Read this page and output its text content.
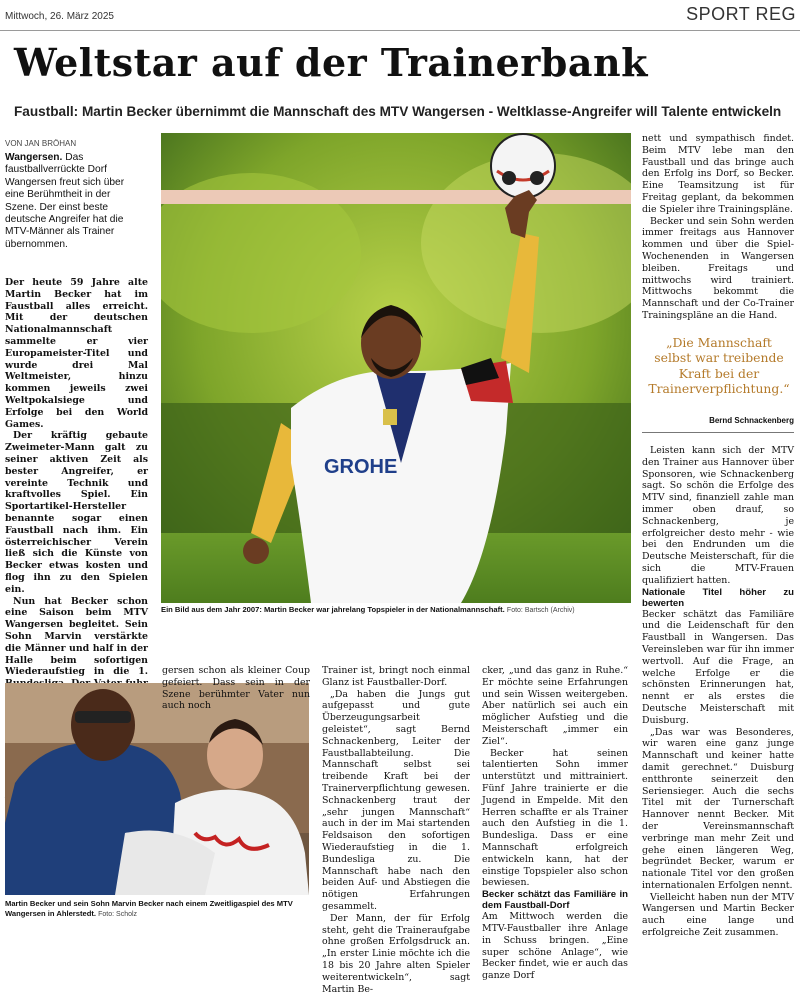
Mittwoch, 26. März 2025	SPORT REG
Weltstar auf der Trainerbank
Faustball: Martin Becker übernimmt die Mannschaft des MTV Wangersen - Weltklasse-Angreifer will Talente entwickeln
VON JAN BRÖHAN
Wangersen. Das faustballverrückte Dorf Wangersen freut sich über eine Berühmtheit in der Szene. Der einst beste deutsche Angreifer hat die MTV-Männer als Trainer übernommen.

Der heute 59 Jahre alte Martin Becker hat im Faustball alles erreicht. Mit der deutschen Nationalmannschaft sammelte er vier Europameister-Titel und wurde drei Mal Weltmeister, hinzu kommen jeweils zwei Weltpokalsiege und Erfolge bei den World Games.

Der kräftig gebaute Zweimeter-Mann galt zu seiner aktiven Zeit als bester Angreifer, er vereinte Technik und kraftvolles Spiel. Ein Sportartikel-Hersteller benannte sogar einen Faustball nach ihm. Ein österreichischer Verein ließ sich die Künste von Becker etwas kosten und flog ihn zu den Spielen ein.

Nun hat Becker schon eine Saison beim MTV Wangersen begleitet. Sein Sohn Marvin verstärkte die Männer und half in der Halle beim sofortigen Wiederaufstieg in die 1.

GROHE
Ein Bild aus dem Jahr 2007: Martin Becker war jahrelang Topspieler in der Nationalmannschaft. Foto: Bartsch (Archiv)
Martin Becker und sein Sohn Marvin Becker nach einem Zweitligaspiel des MTV Wangersen in Ahlerstedt. Foto: Scholz

gersen schon als kleiner Coup gefeiert. Dass sein in der Szene berühmter Vater nun auch noch

Trainer ist, bringt noch einmal Glanz ist Faustballer-Dorf.

„Da haben die Jungs gut aufgepasst und gute Überzeugungsarbeit geleistet“, sagt Bernd Schnackenberg, Leiter der Faustballabteilung. Die Mannschaft selbst sei treibende Kraft bei der Trainerverpflichtung gewesen. Schnackenberg traut der „sehr jungen Mannschaft“ auch in der im Mai startenden Feldsaison den sofortigen Wiederaufstieg in die 1. Bundesliga zu. Die Mannschaft habe nach den beiden Auf- und Abstiegen die nötigen Erfahrungen gesammelt.

Der Mann, der für Erfolg steht, geht die Traineraufgabe ohne großen Erfolgsdruck an. „In erster Linie möchte ich die 18 bis 20 Jahre alten Spieler weiterentwickeln“, sagt Martin Be-

cker, „und das ganz in Ruhe.“ Er möchte seine Erfahrungen und sein Wissen weitergeben. Aber natürlich sei auch ein möglicher Aufstieg und die Meisterschaft „immer ein Ziel“.

Becker hat seinen talentierten Sohn immer unterstützt und mittrainiert. Fünf Jahre trainierte er die Jugend in Empelde. Mit den Herren schaffte er als Trainer auch den Aufstieg in die 1. Bundesliga. Dass er eine Mannschaft erfolgreich entwickeln kann, hat der einstige Topspieler also schon bewiesen.

Becker schätzt das Familiäre in dem Faustball-Dorf

Am Mittwoch werden die MTV-Faustballer ihre Anlage in Schuss bringen. „Eine super schöne Anlage“, wie Becker findet, wie er auch das ganze Dorf

nett und sympathisch findet. Beim MTV lebe man den Faustball und das bringe auch den Erfolg ins Dorf, so Becker. Eine Teamsitzung ist für Freitag geplant, da bekommen die Spieler ihre Trainingspläne.

Becker und sein Sohn werden immer freitags aus Hannover kommen und über die Spiel-Wochenenden in Wangersen bleiben. Freitags und mittwochs wird trainiert. Mittwochs bekommt die Mannschaft und der Co-Trainer Trainingspläne an die Hand.

„Die Mannschaft selbst war treibende Kraft bei der Trainerverpflichtung.“
Bernd Schnackenberg

Leisten kann sich der MTV den Trainer aus Hannover über Sponsoren, wie Schnackenberg sagt. So schön die Erfolge des MTV sind, finanziell zahle man immer oben drauf, so Schnackenberg, je erfolgreicher desto mehr - wie bei den Endrunden um die Deutsche Meisterschaft, für die sich die MTV-Frauen qualifiziert hatten.

Nationale Titel höher zu bewerten

Becker schätzt das Familiäre und die Leidenschaft für den Faustball in Wangersen. Das Vereinsleben war für ihn immer wertvoll. Auf die Frage, an welche Erfolge er die schönsten Erinnerungen hat, nennt er als erstes die Deutsche Meisterschaft mit Duisburg.

„Das war was Besonderes, wir waren eine ganz junge Mannschaft und keiner hatte damit gerechnet.“ Duisburg entthronte seinerzeit den Seriensieger. Auch die sechs Titel mit der Turnerschaft Hannover nennt Becker. Mit der Vereinsmannschaft verbringe man mehr Zeit und gehe einen längeren Weg, begründet Becker, warum er nationale Titel vor den großen internationalen Erfolgen nennt.

Vielleicht haben nun der MTV Wangersen und Martin Becker auch eine lange und erfolgreiche Zeit zusammen.
